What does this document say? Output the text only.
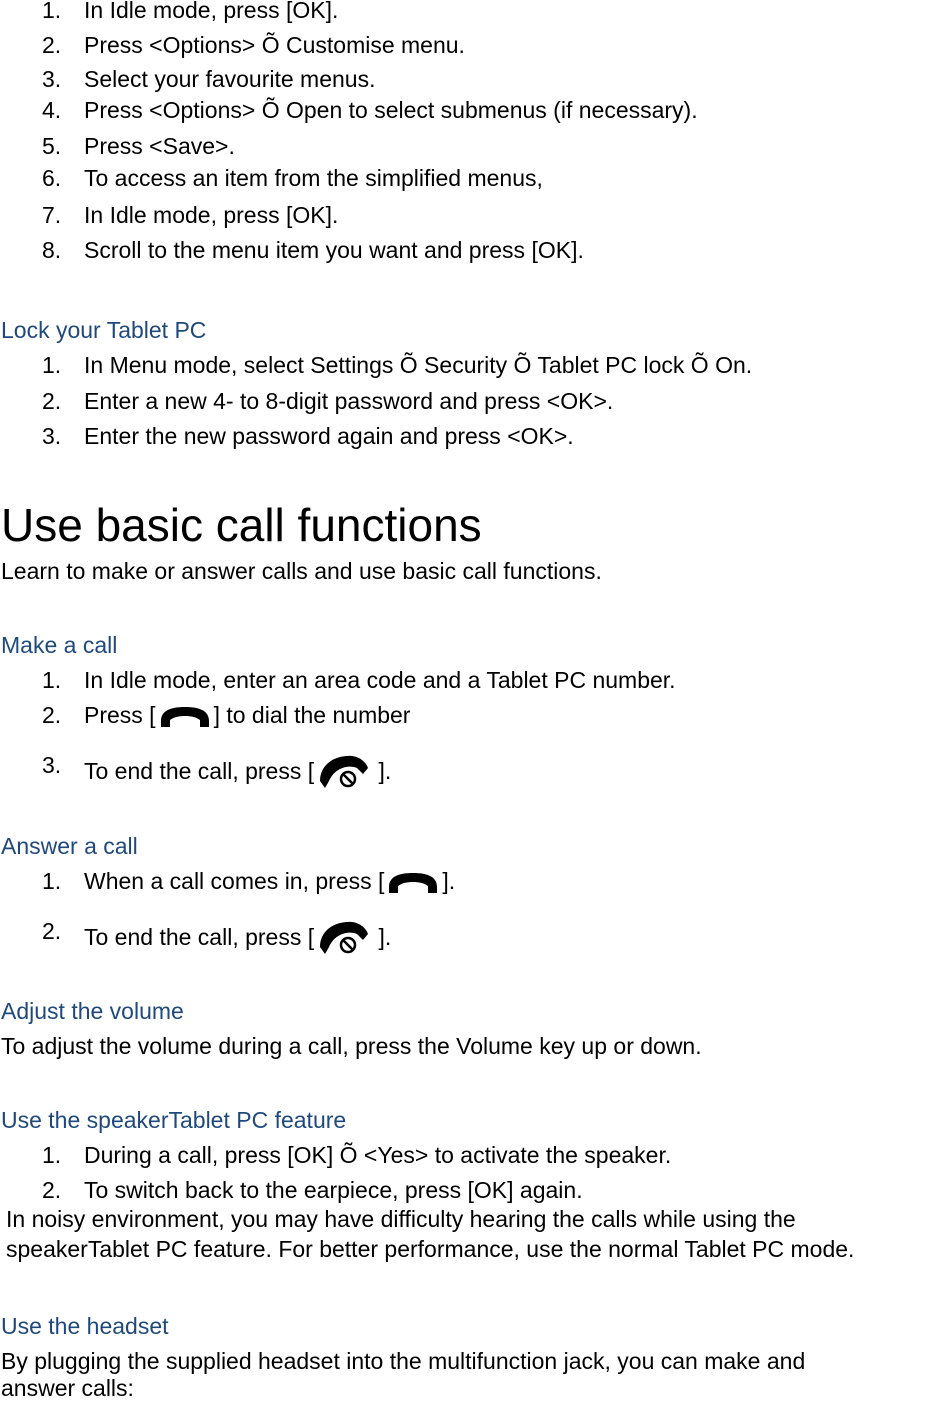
1. In Idle mode, press [OK].
2. Press <Options> Õ Customise menu.
3. Select your favourite menus.
4. Press <Options> Õ Open to select submenus (if necessary).
5. Press <Save>.
6. To access an item from the simplified menus,
7. In Idle mode, press [OK].
8. Scroll to the menu item you want and press [OK].
Lock your Tablet PC
1. In Menu mode, select Settings Õ Security Õ Tablet PC lock Õ On.
2. Enter a new 4- to 8-digit password and press <OK>.
3. Enter the new password again and press <OK>.
Use basic call functions
Learn to make or answer calls and use basic call functions.
Make a call
1. In Idle mode, enter an area code and a Tablet PC number.
2. Press [	] to dial the number
3. To end the call, press [	].
Answer a call
1. When a call comes in, press [	].
2. To end the call, press [	].
Adjust the volume
To adjust the volume during a call, press the Volume key up or down.
Use the speakerTablet PC feature
1. During a call, press [OK] Õ <Yes> to activate the speaker.
2. To switch back to the earpiece, press [OK] again.
In noisy environment, you may have difficulty hearing the calls while using the
speakerTablet PC feature. For better performance, use the normal Tablet PC mode.
Use the headset
By plugging the supplied headset into the multifunction jack, you can make and
answer calls:
